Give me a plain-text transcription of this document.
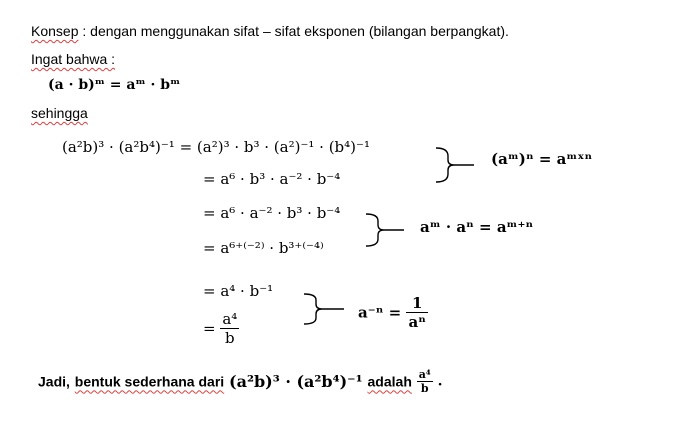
Konsep : dengan menggunakan sifat – sifat eksponen (bilangan berpangkat).
Ingat bahwa :
(a · b)ᵐ = aᵐ · bᵐ
sehingga
(a²b)³ · (a²b⁴)⁻¹ = (a²)³ · b³ · (a²)⁻¹ · (b⁴)⁻¹
= a⁶ · b³ · a⁻² · b⁻⁴
= a⁶ · a⁻² · b³ · b⁻⁴
= a⁶⁺⁽⁻²⁾ · b³⁺⁽⁻⁴⁾
= a⁴ · b⁻¹
= $\frac{\text{a⁴}}{b}$
(aᵐ)ⁿ = aᵐˣⁿ
aᵐ · aⁿ = aᵐ⁺ⁿ
$a^{-n} = \frac{1}{\text{aⁿ}}$
Jadi, bentuk sederhana dari (a²b)³ · (a²b⁴)⁻¹ adalah $\frac{\text{a⁴}}{b}$ .
